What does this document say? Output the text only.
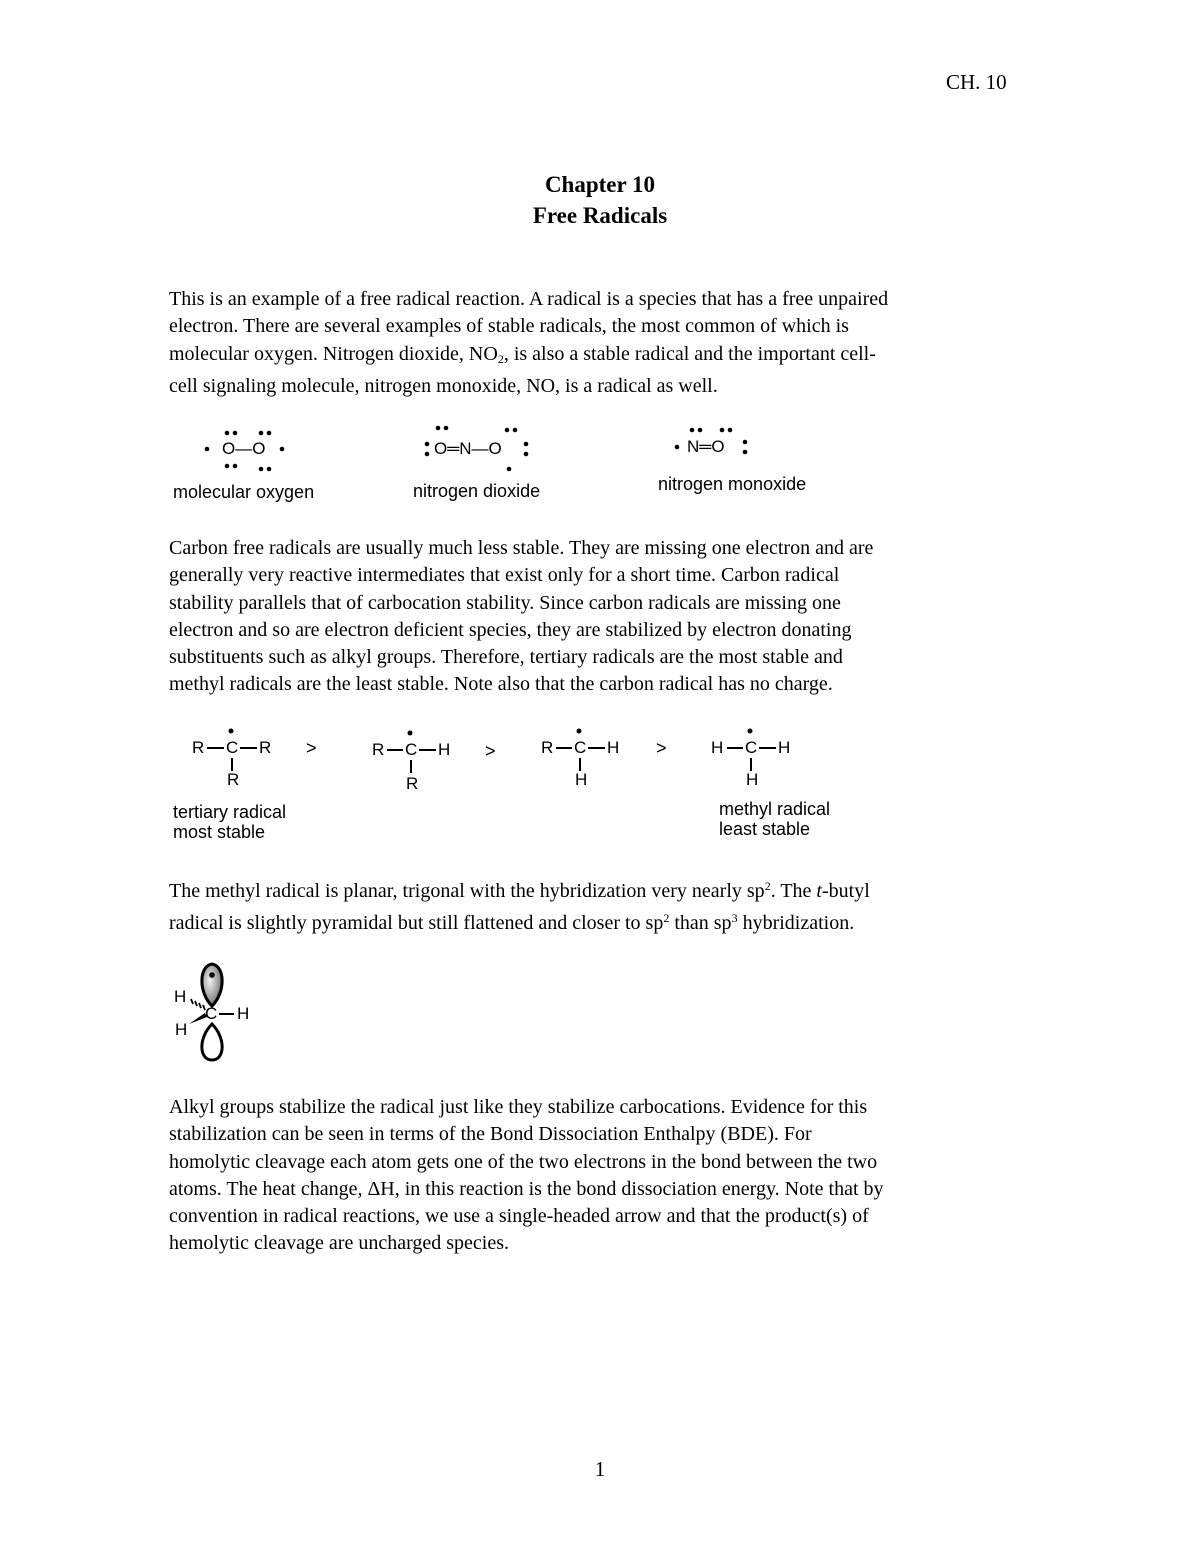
CH. 10
Chapter 10
Free Radicals

This is an example of a free radical reaction. A radical is a species that has a free unpaired

electron. There are several examples of stable radicals, the most common of which is

molecular oxygen. Nitrogen dioxide, $NO_2$, is also a stable radical and the important cell-

cell signaling molecule, nitrogen monoxide, NO, is a radical as well.

O—O	O═N—O	N═O
molecular oxygen	nitrogen dioxide	nitrogen monoxide

Carbon free radicals are usually much less stable. They are missing one electron and are

generally very reactive intermediates that exist only for a short time. Carbon radical

stability parallels that of carbocation stability. Since carbon radicals are missing one

electron and so are electron deficient species, they are stabilized by electron donating

substituents such as alkyl groups. Therefore, tertiary radicals are the most stable and

methyl radicals are the least stable. Note also that the carbon radical has no charge.

R C R
R
>	R C H
R
>	R C H
H
>	H C H
H
tertiary radical
most stable
methyl radical
least stable

The methyl radical is planar, trigonal with the hybridization very nearly $sp^2$. The t-butyl

radical is slightly pyramidal but still flattened and closer to $sp^2$ than $sp^3$ hybridization.

H
H
C H

Alkyl groups stabilize the radical just like they stabilize carbocations. Evidence for this

stabilization can be seen in terms of the Bond Dissociation Enthalpy (BDE). For

homolytic cleavage each atom gets one of the two electrons in the bond between the two

atoms. The heat change, ΔH, in this reaction is the bond dissociation energy. Note that by

convention in radical reactions, we use a single-headed arrow and that the product(s) of

hemolytic cleavage are uncharged species.

1
